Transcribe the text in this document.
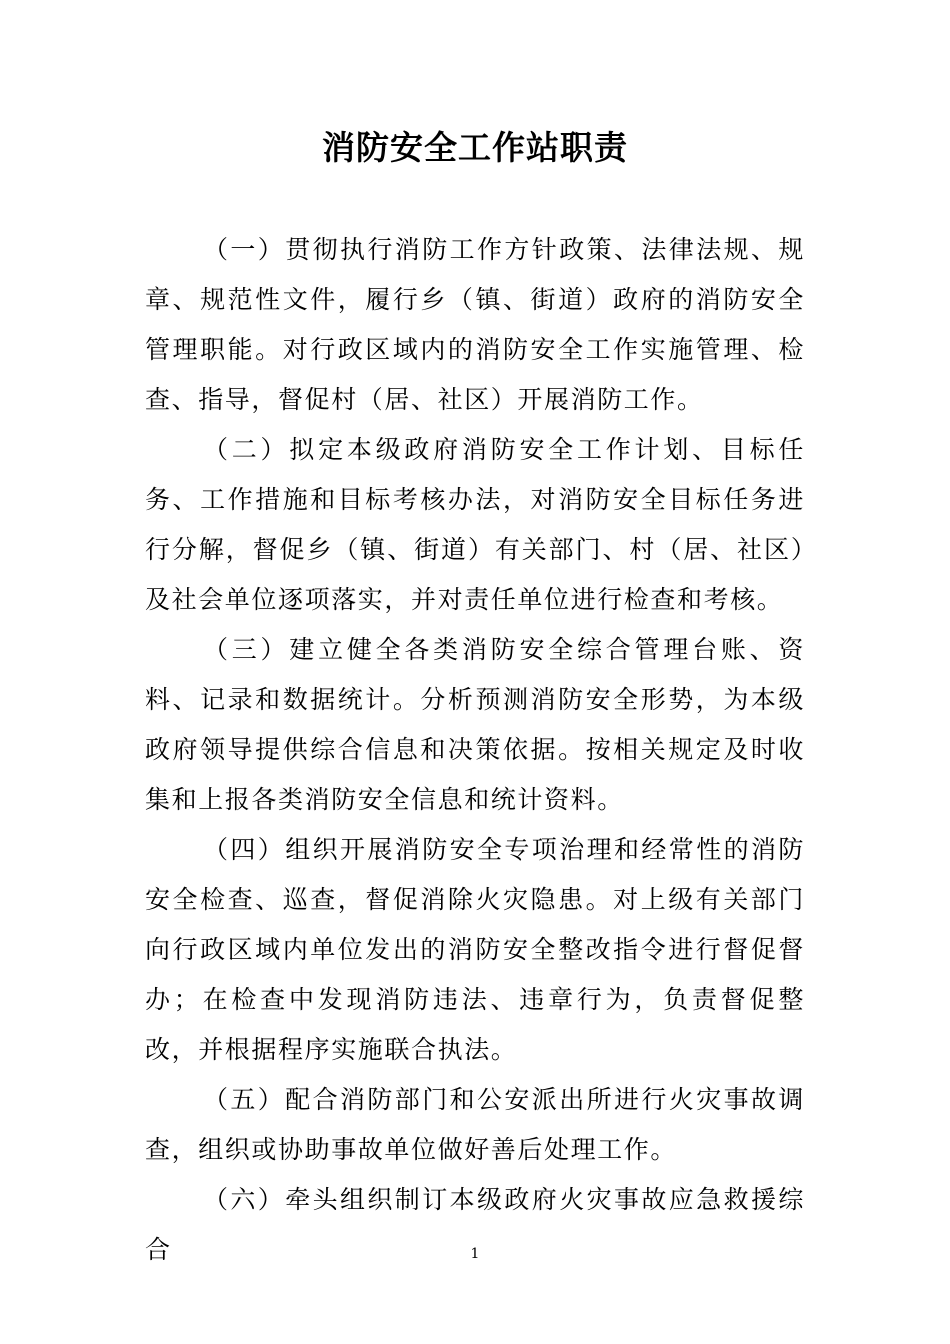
消防安全工作站职责

（一）贯彻执行消防工作方针政策、法律法规、规章、规范性文件，履行乡（镇、街道）政府的消防安全管理职能。对行政区域内的消防安全工作实施管理、检查、指导，督促村（居、社区）开展消防工作。

（二）拟定本级政府消防安全工作计划、目标任务、工作措施和目标考核办法，对消防安全目标任务进行分解，督促乡（镇、街道）有关部门、村（居、社区）及社会单位逐项落实，并对责任单位进行检查和考核。

（三）建立健全各类消防安全综合管理台账、资料、记录和数据统计。分析预测消防安全形势，为本级政府领导提供综合信息和决策依据。按相关规定及时收集和上报各类消防安全信息和统计资料。

（四）组织开展消防安全专项治理和经常性的消防安全检查、巡查，督促消除火灾隐患。对上级有关部门向行政区域内单位发出的消防安全整改指令进行督促督办；在检查中发现消防违法、违章行为，负责督促整改，并根据程序实施联合执法。

（五）配合消防部门和公安派出所进行火灾事故调查，组织或协助事故单位做好善后处理工作。

（六）牵头组织制订本级政府火灾事故应急救援综合	1
